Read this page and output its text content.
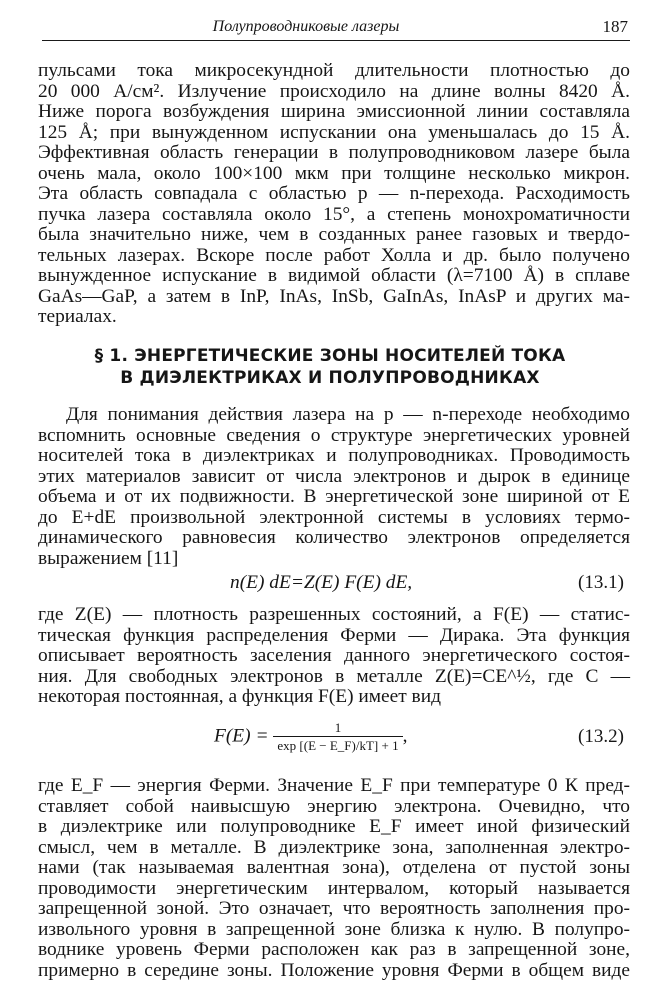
Полупроводниковые лазеры	187
пульсами тока микросекундной длительности плотностью до
20 000 А/см². Излучение происходило на длине волны 8420 Å.
Ниже порога возбуждения ширина эмиссионной линии составляла
125 Å; при вынужденном испускании она уменьшалась до 15 Å.
Эффективная область генерации в полупроводниковом лазере была
очень мала, около 100×100 мкм при толщине несколько микрон.
Эта область совпадала с областью p — n-перехода. Расходимость
пучка лазера составляла около 15°, а степень монохроматичности
была значительно ниже, чем в созданных ранее газовых и твердо-
тельных лазерах. Вскоре после работ Холла и др. было получено
вынужденное испускание в видимой области (λ=7100 Å) в сплаве
GaAs—GaP, а затем в InP, InAs, InSb, GaInAs, InAsP и других ма-
териалах.
§ 1. ЭНЕРГЕТИЧЕСКИЕ ЗОНЫ НОСИТЕЛЕЙ ТОКА
В ДИЭЛЕКТРИКАХ И ПОЛУПРОВОДНИКАХ
Для понимания действия лазера на p — n-переходе необходимо
вспомнить основные сведения о структуре энергетических уровней
носителей тока в диэлектриках и полупроводниках. Проводимость
этих материалов зависит от числа электронов и дырок в единице
объема и от их подвижности. В энергетической зоне шириной от E
до E+dE произвольной электронной системы в условиях термо-
динамического равновесия количество электронов определяется
выражением [11]
n(E) dE=Z(E) F(E) dE,	(13.1)
где Z(E) — плотность разрешенных состояний, а F(E) — статис-
тическая функция распределения Ферми — Дирака. Эта функция
описывает вероятность заселения данного энергетического состоя-
ния. Для свободных электронов в металле Z(E)=CE^½, где C —
некоторая постоянная, а функция F(E) имеет вид
$F(E) = \frac{1}{\exp [(E - E\_F)/kT] + 1}$ ,	(13.2)
где E_F — энергия Ферми. Значение E_F при температуре 0 К пред-
ставляет собой наивысшую энергию электрона. Очевидно, что
в диэлектрике или полупроводнике E_F имеет иной физический
смысл, чем в металле. В диэлектрике зона, заполненная электро-
нами (так называемая валентная зона), отделена от пустой зоны
проводимости энергетическим интервалом, который называется
запрещенной зоной. Это означает, что вероятность заполнения про-
извольного уровня в запрещенной зоне близка к нулю. В полупро-
воднике уровень Ферми расположен как раз в запрещенной зоне,
примерно в середине зоны. Положение уровня Ферми в общем виде
